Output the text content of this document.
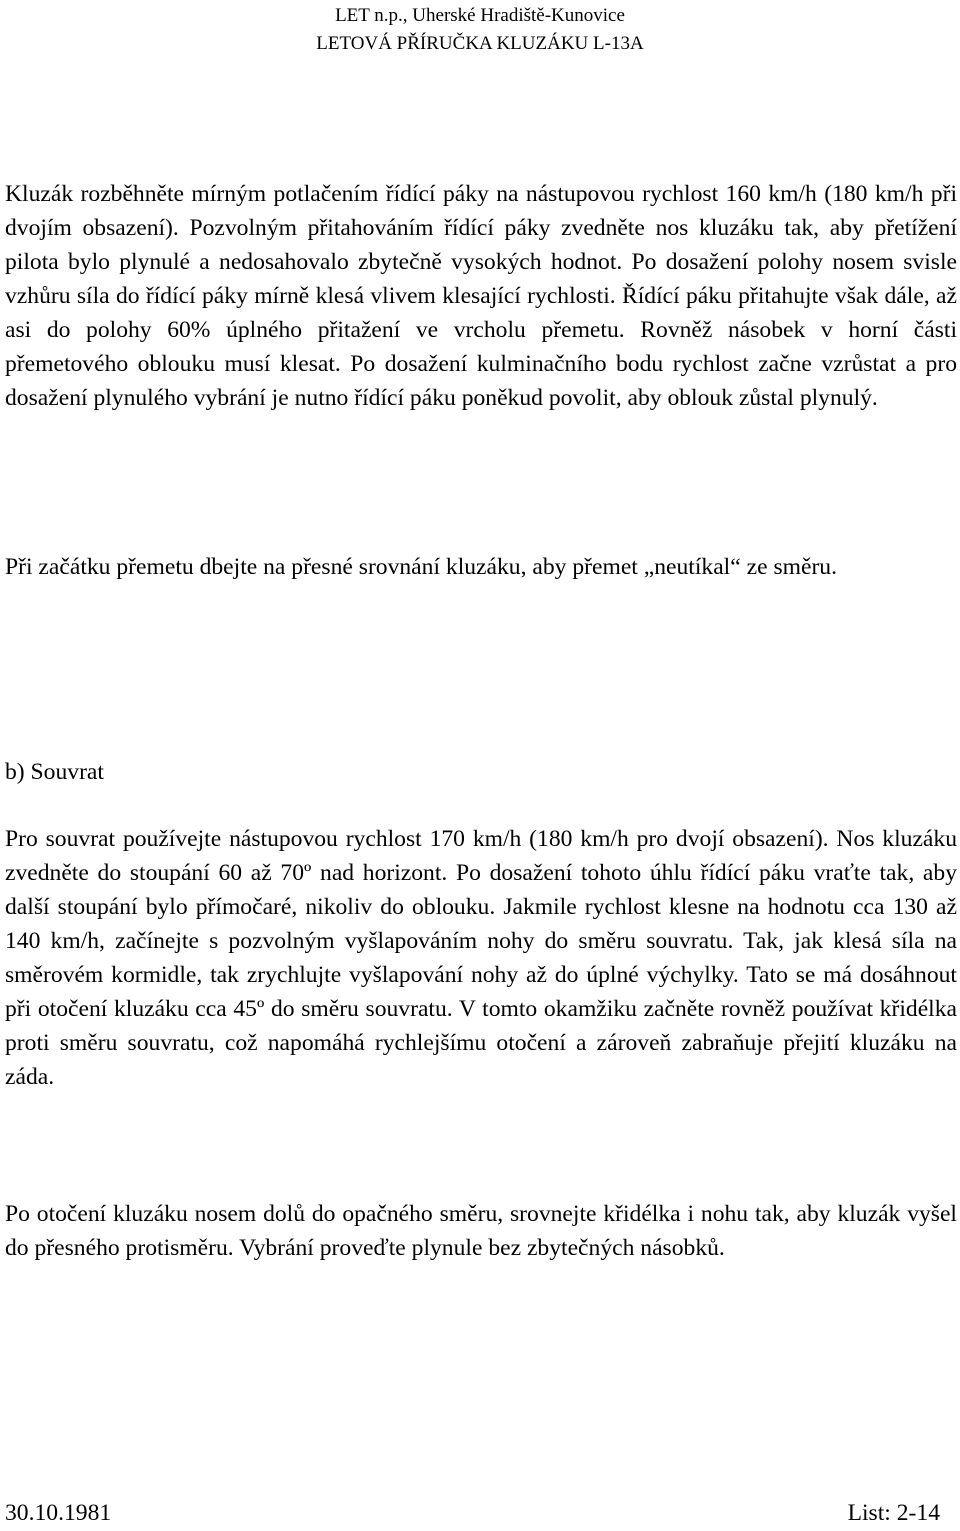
LET n.p., Uherské Hradiště-Kunovice
LETOVÁ PŘÍRUČKA KLUZÁKU L-13A

Kluzák rozběhněte mírným potlačením řídící páky na nástupovou rychlost 160 km/h (180 km/h při dvojím obsazení). Pozvolným přitahováním řídící páky zvedněte nos kluzáku tak, aby přetížení pilota bylo plynulé a nedosahovalo zbytečně vysokých hodnot. Po dosažení polohy nosem svisle vzhůru síla do řídící páky mírně klesá vlivem klesající rychlosti. Řídící páku přitahujte však dále, až asi do polohy 60% úplného přitažení ve vrcholu přemetu. Rovněž násobek v horní části přemetového oblouku musí klesat. Po dosažení kulminačního bodu rychlost začne vzrůstat a pro dosažení plynulého vybrání je nutno řídící páku poněkud povolit, aby oblouk zůstal plynulý.

Při začátku přemetu dbejte na přesné srovnání kluzáku, aby přemet „neutíkal“ ze směru.

b) Souvrat

Pro souvrat používejte nástupovou rychlost 170 km/h (180 km/h pro dvojí obsazení). Nos kluzáku zvedněte do stoupání 60 až 70º nad horizont. Po dosažení tohoto úhlu řídící páku vraťte tak, aby další stoupání bylo přímočaré, nikoliv do oblouku. Jakmile rychlost klesne na hodnotu cca 130 až 140 km/h, začínejte s pozvolným vyšlapováním nohy do směru souvratu. Tak, jak klesá síla na směrovém kormidle, tak zrychlujte vyšlapování nohy až do úplné výchylky. Tato se má dosáhnout při otočení kluzáku cca 45º do směru souvratu. V tomto okamžiku začněte rovněž používat křidélka proti směru souvratu, což napomáhá rychlejšímu otočení a zároveň zabraňuje přejití kluzáku na záda.

Po otočení kluzáku nosem dolů do opačného směru, srovnejte křidélka i nohu tak, aby kluzák vyšel do přesného protisměru. Vybrání proveďte plynule bez zbytečných násobků.

30.10.1981	List: 2-14
